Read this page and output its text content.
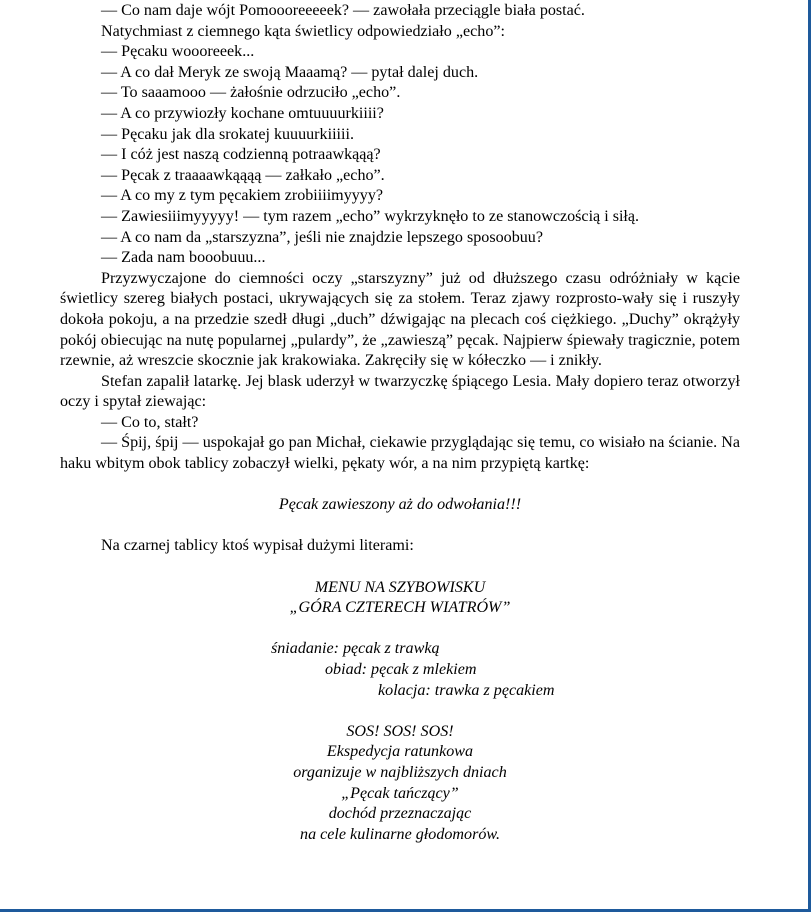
— Co nam daje wójt Pomoooreeeeek? — zawołała przeciągle biała postać.

Natychmiast z ciemnego kąta świetlicy odpowiedziało „echo”:

— Pęcaku woooreeek...

— A co dał Meryk ze swoją Maaamą? — pytał dalej duch.

— To saaamooo — żałośnie odrzuciło „echo”.

— A co przywiozły kochane omtuuuurkiiii?

— Pęcaku jak dla srokatej kuuuurkiiiii.

— I cóż jest naszą codzienną potraawkąąą?

— Pęcak z traaaawkąąąą — załkało „echo”.

— A co my z tym pęcakiem zrobiiiimyyyy?

— Zawiesiiimyyyyy! — tym razem „echo” wykrzyknęło to ze stanowczością i siłą.

— A co nam da „starszyzna”, jeśli nie znajdzie lepszego sposoobuu?

— Zada nam booobuuu...

Przyzwyczajone do ciemności oczy „starszyzny” już od dłuższego czasu odróżniały w kącie świetlicy szereg białych postaci, ukrywających się za stołem. Teraz zjawy rozprosto-wały się i ruszyły dokoła pokoju, a na przedzie szedł długi „duch” dźwigając na plecach coś ciężkiego. „Duchy” okrążyły pokój obiecując na nutę popularnej „pulardy”, że „zawieszą” pęcak. Najpierw śpiewały tragicznie, potem rzewnie, aż wreszcie skocznie jak krakowiaka. Zakręciły się w kółeczko — i znikły.

Stefan zapalił latarkę. Jej blask uderzył w twarzyczkę śpiącego Lesia. Mały dopiero teraz otworzył oczy i spytał ziewając:

— Co to, stałt?

— Śpij, śpij — uspokajał go pan Michał, ciekawie przyglądając się temu, co wisiało na ścianie. Na haku wbitym obok tablicy zobaczył wielki, pękaty wór, a na nim przypiętą kartkę:

Pęcak zawieszony aż do odwołania!!!

Na czarnej tablicy ktoś wypisał dużymi literami:

MENU NA SZYBOWISKU

„GÓRA CZTERECH WIATRÓW”

śniadanie: pęcak z trawką

obiad: pęcak z mlekiem

kolacja: trawka z pęcakiem

SOS! SOS! SOS!

Ekspedycja ratunkowa

organizuje w najbliższych dniach

„Pęcak tańczący”

dochód przeznaczając

na cele kulinarne głodomorów.
